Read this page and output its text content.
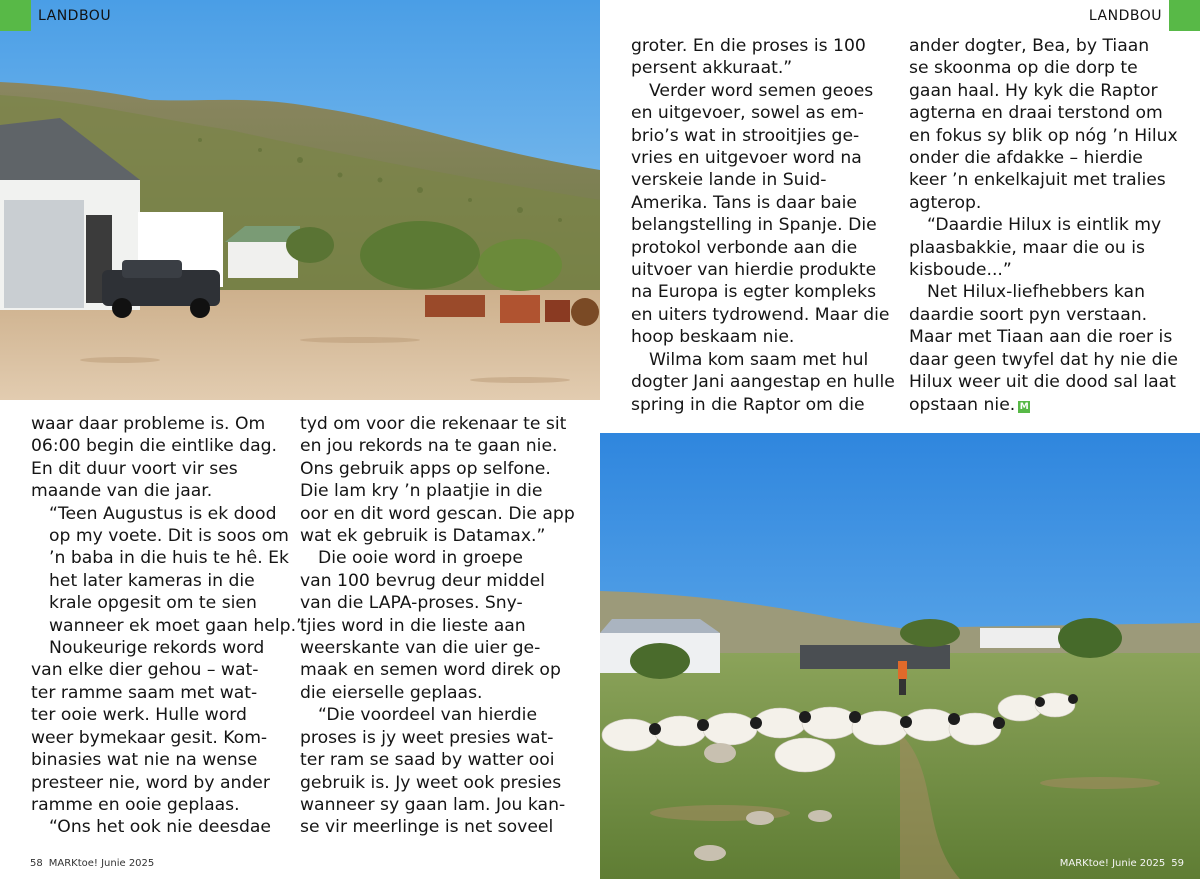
LANDBOU

waar daar probleme is. Om
06:00 begin die eintlike dag.
En dit duur voort vir ses
maande van die jaar.

“Teen Augustus is ek dood
op my voete. Dit is soos om
’n baba in die huis te hê. Ek
het later kameras in die
krale opgesit om te sien
wanneer ek moet gaan help.”

Noukeurige rekords word
van elke dier gehou – wat-
ter ramme saam met wat-
ter ooie werk. Hulle word
weer bymekaar gesit. Kom-
binasies wat nie na wense
presteer nie, word by ander
ramme en ooie geplaas.

“Ons het ook nie deesdae

tyd om voor die rekenaar te sit
en jou rekords na te gaan nie.
Ons gebruik apps op selfone.
Die lam kry ’n plaatjie in die
oor en dit word gescan. Die app
wat ek gebruik is Datamax.”

Die ooie word in groepe
van 100 bevrug deur middel
van die LAPA-proses. Sny-
tjies word in die lieste aan
weerskante van die uier ge-
maak en semen word direk op
die eierselle geplaas.

“Die voordeel van hierdie
proses is jy weet presies wat-
ter ram se saad by watter ooi
gebruik is. Jy weet ook presies
wanneer sy gaan lam. Jou kan-
se vir meerlinge is net soveel

58 MARKtoe! Junie 2025
LANDBOU

groter. En die proses is 100
persent akkuraat.”

Verder word semen geoes
en uitgevoer, sowel as em-
brio’s wat in strooitjies ge-
vries en uitgevoer word na
verskeie lande in Suid-
Amerika. Tans is daar baie
belangstelling in Spanje. Die
protokol verbonde aan die
uitvoer van hierdie produkte
na Europa is egter kompleks
en uiters tydrowend. Maar die
hoop beskaam nie.

Wilma kom saam met hul
dogter Jani aangestap en hulle
spring in die Raptor om die

ander dogter, Bea, by Tiaan
se skoonma op die dorp te
gaan haal. Hy kyk die Raptor
agterna en draai terstond om
en fokus sy blik op nóg ’n Hilux
onder die afdakke – hierdie
keer ’n enkelkajuit met tralies
agterop.

“Daardie Hilux is eintlik my
plaasbakkie, maar die ou is
kisboude...”

Net Hilux-liefhebbers kan
daardie soort pyn verstaan.
Maar met Tiaan aan die roer is
daar geen twyfel dat hy nie die
Hilux weer uit die dood sal laat
opstaan nie. M

MARKtoe! Junie 2025 59
